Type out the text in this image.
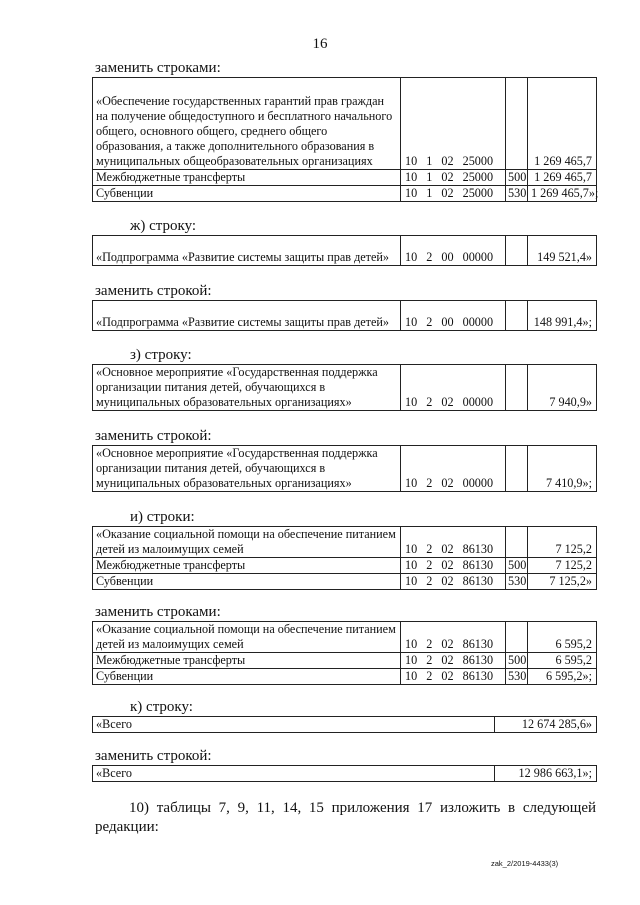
16
заменить строками:
«Обеспечение государственных гарантий прав граждан на получение общедоступного и бесплатного начального общего, основного общего, среднего общего образования, а также дополнительного образования в муниципальных общеобразовательных организациях	10 1 02 25000		1 269 465,7
Межбюджетные трансферты	10 1 02 25000	500	1 269 465,7
Субвенции	10 1 02 25000	530	1 269 465,7»;
ж) строку:
«Подпрограмма «Развитие системы защиты прав детей»	10 2 00 00000		149 521,4»
заменить строкой:
«Подпрограмма «Развитие системы защиты прав детей»	10 2 00 00000		148 991,4»;
з) строку:
«Основное мероприятие «Государственная поддержка организации питания детей, обучающихся в муниципальных образовательных организациях»	10 2 02 00000		7 940,9»
заменить строкой:
«Основное мероприятие «Государственная поддержка организации питания детей, обучающихся в муниципальных образовательных организациях»	10 2 02 00000		7 410,9»;
и) строки:
«Оказание социальной помощи на обеспечение питанием детей из малоимущих семей	10 2 02 86130		7 125,2
Межбюджетные трансферты	10 2 02 86130	500	7 125,2
Субвенции	10 2 02 86130	530	7 125,2»
заменить строками:
«Оказание социальной помощи на обеспечение питанием детей из малоимущих семей	10 2 02 86130		6 595,2
Межбюджетные трансферты	10 2 02 86130	500	6 595,2
Субвенции	10 2 02 86130	530	6 595,2»;
к) строку:
«Всего	12 674 285,6»
заменить строкой:
«Всего	12 986 663,1»;
10) таблицы 7, 9, 11, 14, 15 приложения 17 изложить в следующей редакции:
zak_2/2019-4433(3)
